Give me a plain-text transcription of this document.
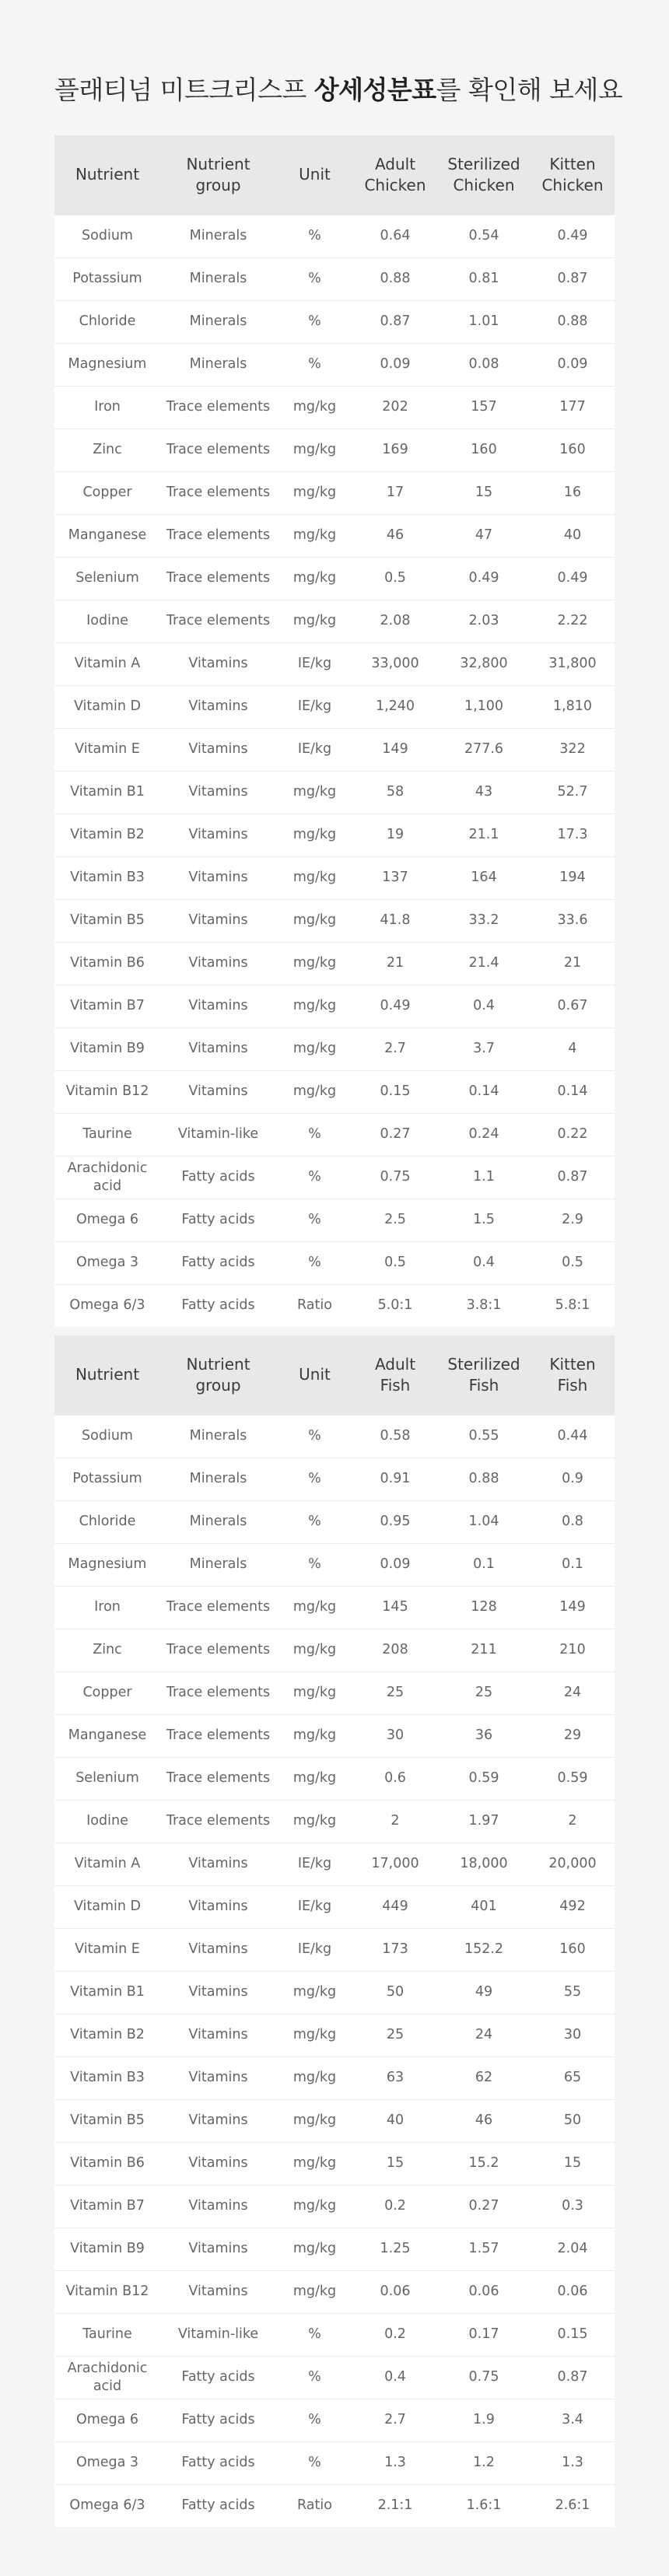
플래티넘 미트크리스프 상세성분표를 확인해 보세요
Nutrient	Nutrient group	Unit	Adult Chicken	Sterilized Chicken	Kitten Chicken
Sodium	Minerals	%	0.64	0.54	0.49
Potassium	Minerals	%	0.88	0.81	0.87
Chloride	Minerals	%	0.87	1.01	0.88
Magnesium	Minerals	%	0.09	0.08	0.09
Iron	Trace elements	mg/kg	202	157	177
Zinc	Trace elements	mg/kg	169	160	160
Copper	Trace elements	mg/kg	17	15	16
Manganese	Trace elements	mg/kg	46	47	40
Selenium	Trace elements	mg/kg	0.5	0.49	0.49
Iodine	Trace elements	mg/kg	2.08	2.03	2.22
Vitamin A	Vitamins	IE/kg	33,000	32,800	31,800
Vitamin D	Vitamins	IE/kg	1,240	1,100	1,810
Vitamin E	Vitamins	IE/kg	149	277.6	322
Vitamin B1	Vitamins	mg/kg	58	43	52.7
Vitamin B2	Vitamins	mg/kg	19	21.1	17.3
Vitamin B3	Vitamins	mg/kg	137	164	194
Vitamin B5	Vitamins	mg/kg	41.8	33.2	33.6
Vitamin B6	Vitamins	mg/kg	21	21.4	21
Vitamin B7	Vitamins	mg/kg	0.49	0.4	0.67
Vitamin B9	Vitamins	mg/kg	2.7	3.7	4
Vitamin B12	Vitamins	mg/kg	0.15	0.14	0.14
Taurine	Vitamin-like	%	0.27	0.24	0.22
Arachidonic acid	Fatty acids	%	0.75	1.1	0.87
Omega 6	Fatty acids	%	2.5	1.5	2.9
Omega 3	Fatty acids	%	0.5	0.4	0.5
Omega 6/3	Fatty acids	Ratio	5.0:1	3.8:1	5.8:1
Nutrient	Nutrient group	Unit	Adult Fish	Sterilized Fish	Kitten Fish
Sodium	Minerals	%	0.58	0.55	0.44
Potassium	Minerals	%	0.91	0.88	0.9
Chloride	Minerals	%	0.95	1.04	0.8
Magnesium	Minerals	%	0.09	0.1	0.1
Iron	Trace elements	mg/kg	145	128	149
Zinc	Trace elements	mg/kg	208	211	210
Copper	Trace elements	mg/kg	25	25	24
Manganese	Trace elements	mg/kg	30	36	29
Selenium	Trace elements	mg/kg	0.6	0.59	0.59
Iodine	Trace elements	mg/kg	2	1.97	2
Vitamin A	Vitamins	IE/kg	17,000	18,000	20,000
Vitamin D	Vitamins	IE/kg	449	401	492
Vitamin E	Vitamins	IE/kg	173	152.2	160
Vitamin B1	Vitamins	mg/kg	50	49	55
Vitamin B2	Vitamins	mg/kg	25	24	30
Vitamin B3	Vitamins	mg/kg	63	62	65
Vitamin B5	Vitamins	mg/kg	40	46	50
Vitamin B6	Vitamins	mg/kg	15	15.2	15
Vitamin B7	Vitamins	mg/kg	0.2	0.27	0.3
Vitamin B9	Vitamins	mg/kg	1.25	1.57	2.04
Vitamin B12	Vitamins	mg/kg	0.06	0.06	0.06
Taurine	Vitamin-like	%	0.2	0.17	0.15
Arachidonic acid	Fatty acids	%	0.4	0.75	0.87
Omega 6	Fatty acids	%	2.7	1.9	3.4
Omega 3	Fatty acids	%	1.3	1.2	1.3
Omega 6/3	Fatty acids	Ratio	2.1:1	1.6:1	2.6:1
